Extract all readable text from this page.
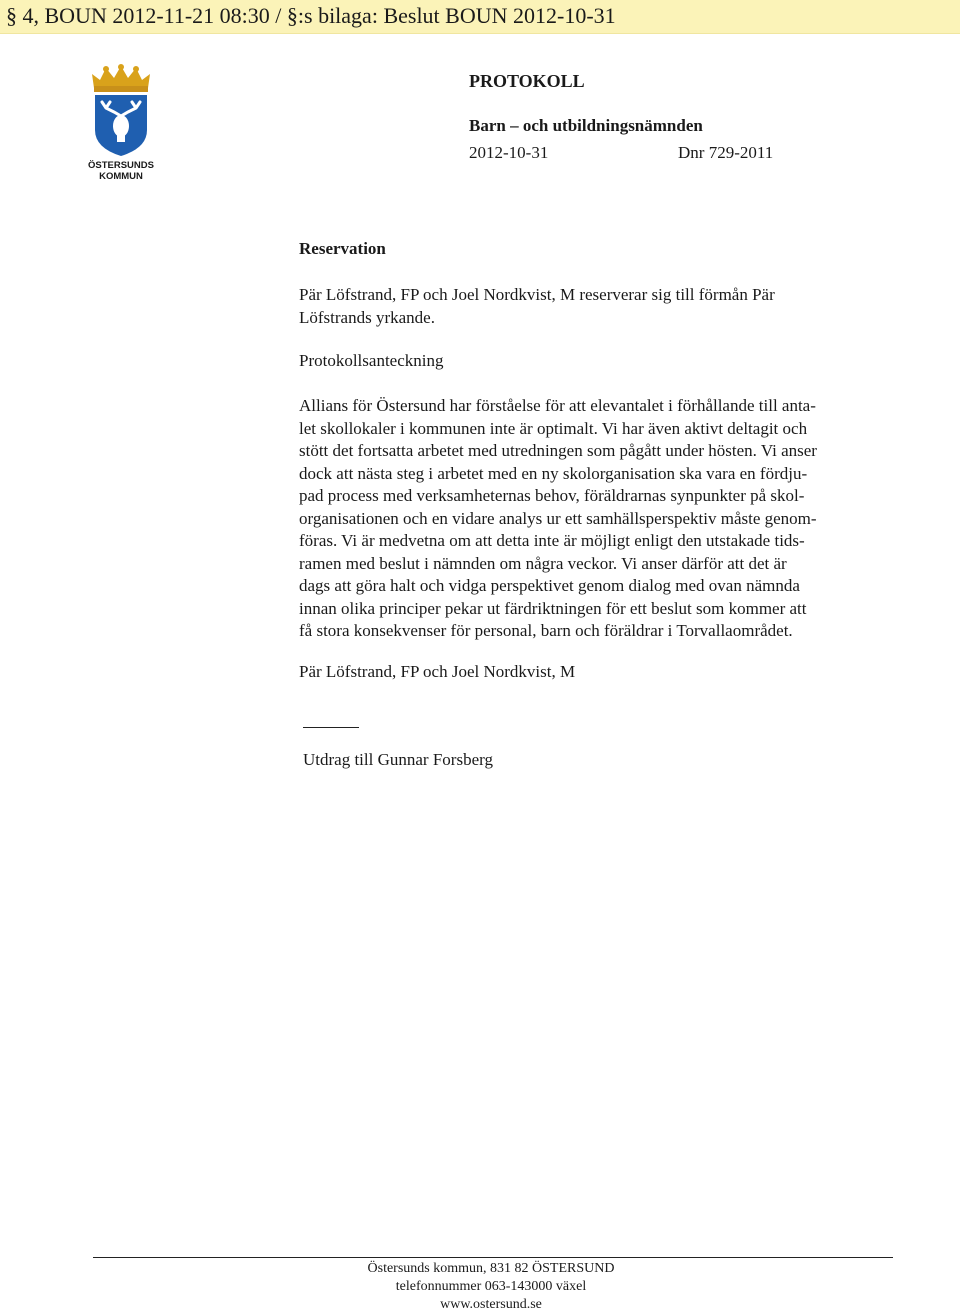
§ 4, BOUN 2012-11-21 08:30 / §:s bilaga: Beslut BOUN 2012-10-31
ÖSTERSUNDS
KOMMUN
PROTOKOLL
Barn – och utbildningsnämnden
2012-10-31	Dnr 729-2011
Reservation

Pär Löfstrand, FP och Joel Nordkvist, M reserverar sig till förmån Pär
Löfstrands yrkande.

Protokollsanteckning

Allians för Östersund har förståelse för att elevantalet i förhållande till anta-
let skollokaler i kommunen inte är optimalt. Vi har även aktivt deltagit och
stött det fortsatta arbetet med utredningen som pågått under hösten. Vi anser
dock att nästa steg i arbetet med en ny skolorganisation ska vara en fördju-
pad process med verksamheternas behov, föräldrarnas synpunkter på skol-
organisationen och en vidare analys ur ett samhällsperspektiv måste genom-
föras. Vi är medvetna om att detta inte är möjligt enligt den utstakade tids-
ramen med beslut i nämnden om några veckor. Vi anser därför att det är
dags att göra halt och vidga perspektivet genom dialog med ovan nämnda
innan olika principer pekar ut färdriktningen för ett beslut som kommer att
få stora konsekvenser för personal, barn och föräldrar i Torvallaområdet.

Pär Löfstrand, FP och Joel Nordkvist, M
Utdrag till Gunnar Forsberg
Östersunds kommun, 831 82 ÖSTERSUND
telefonnummer 063-143000 växel
www.ostersund.se
